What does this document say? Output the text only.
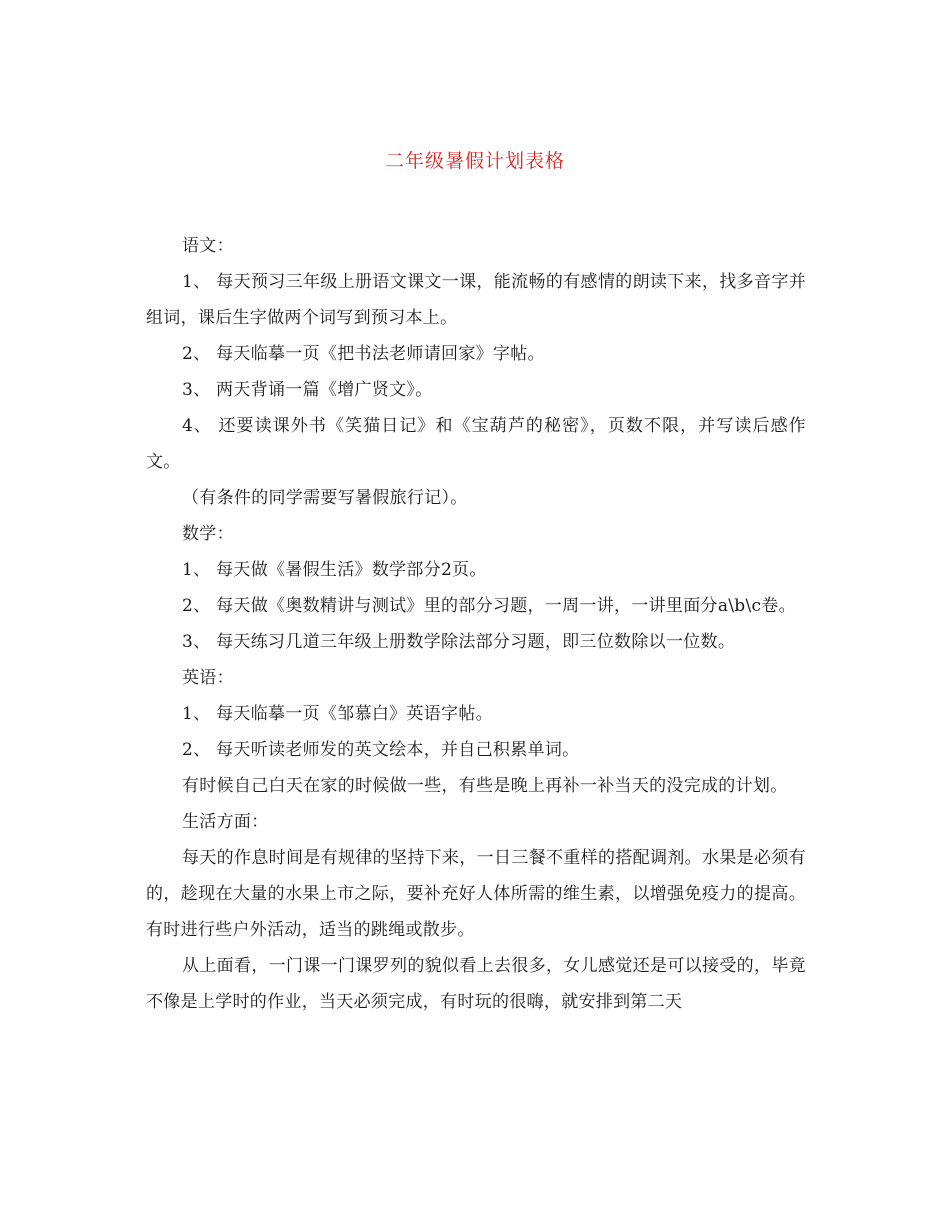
二年级暑假计划表格

语文：

1、 每天预习三年级上册语文课文一课，能流畅的有感情的朗读下来，找多音字并组词，课后生字做两个词写到预习本上。

2、 每天临摹一页《把书法老师请回家》字帖。

3、 两天背诵一篇《增广贤文》。

4、 还要读课外书《笑猫日记》和《宝葫芦的秘密》，页数不限，并写读后感作文。

（有条件的同学需要写暑假旅行记）。

数学：

1、 每天做《暑假生活》数学部分2页。

2、 每天做《奥数精讲与测试》里的部分习题，一周一讲，一讲里面分a\b\c卷。

3、 每天练习几道三年级上册数学除法部分习题，即三位数除以一位数。

英语：

1、 每天临摹一页《邹慕白》英语字帖。

2、 每天听读老师发的英文绘本，并自己积累单词。

有时候自己白天在家的时候做一些，有些是晚上再补一补当天的没完成的计划。

生活方面：

每天的作息时间是有规律的坚持下来，一日三餐不重样的搭配调剂。水果是必须有的，趁现在大量的水果上市之际，要补充好人体所需的维生素，以增强免疫力的提高。有时进行些户外活动，适当的跳绳或散步。

从上面看，一门课一门课罗列的貌似看上去很多，女儿感觉还是可以接受的，毕竟不像是上学时的作业，当天必须完成，有时玩的很嗨，就安排到第二天
